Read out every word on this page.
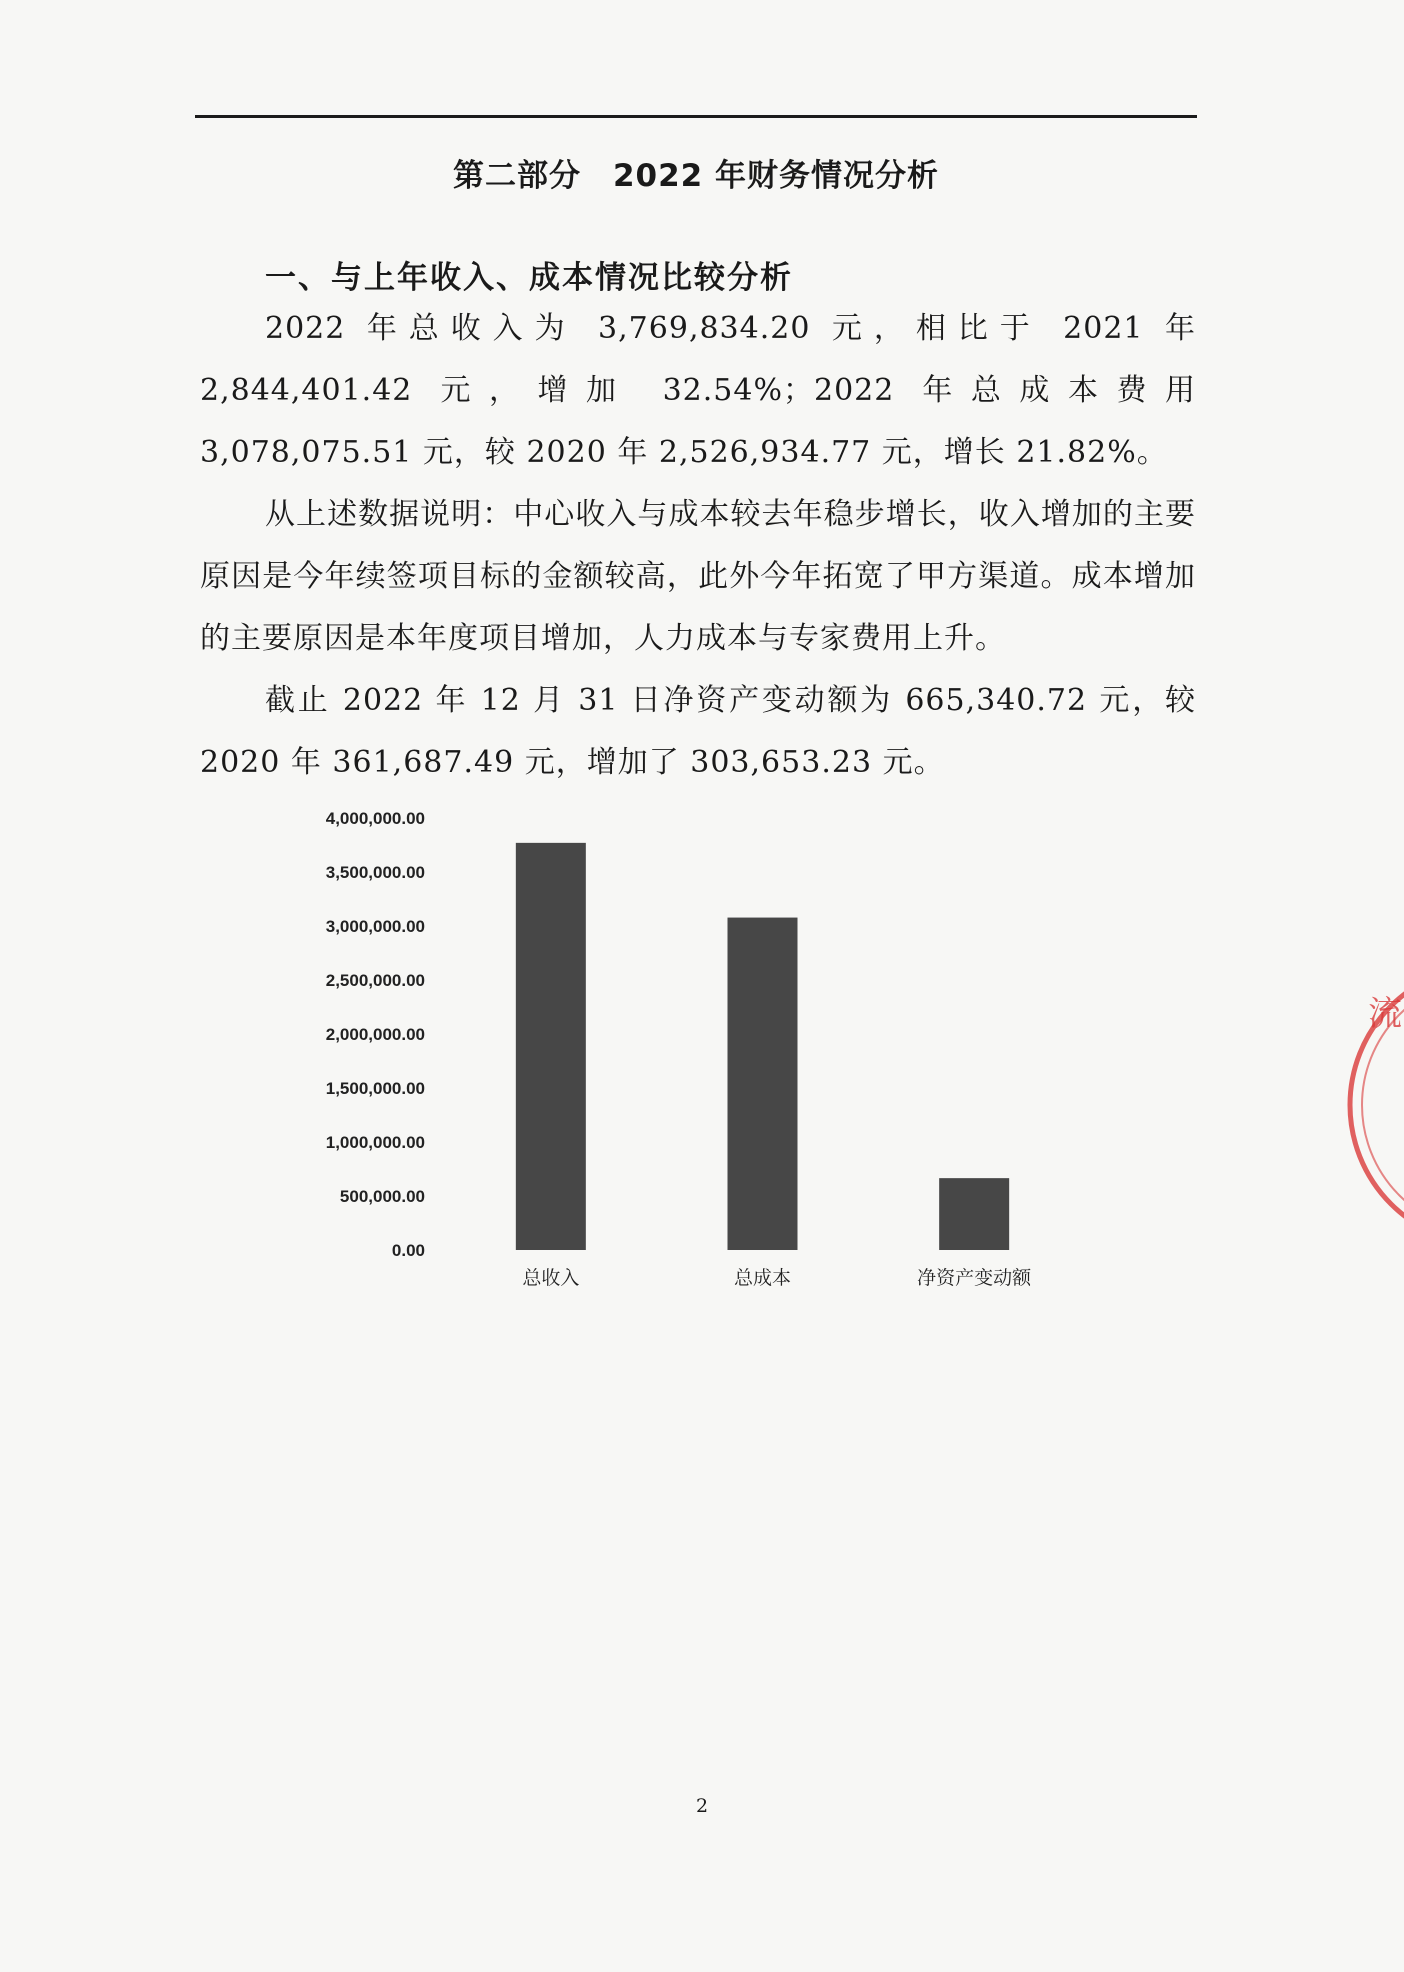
第二部分　2022 年财务情况分析
一、与上年收入、成本情况比较分析

2022 年总收入为 3,769,834.20 元，相比于 2021 年 2,844,401.42 元，增加 32.54%；2022 年总成本费用 3,078,075.51 元，较 2020 年 2,526,934.77 元，增长 21.82%。

从上述数据说明：中心收入与成本较去年稳步增长，收入增加的主要原因是今年续签项目标的金额较高，此外今年拓宽了甲方渠道。成本增加的主要原因是本年度项目增加，人力成本与专家费用上升。

截止 2022 年 12 月 31 日净资产变动额为 665,340.72 元，较 2020 年 361,687.49 元，增加了 303,653.23 元。

0.00
500,000.00
1,000,000.00
1,500,000.00
2,000,000.00
2,500,000.00
3,000,000.00
3,500,000.00
4,000,000.00
总收入	总成本	净资产变动额
流
2
